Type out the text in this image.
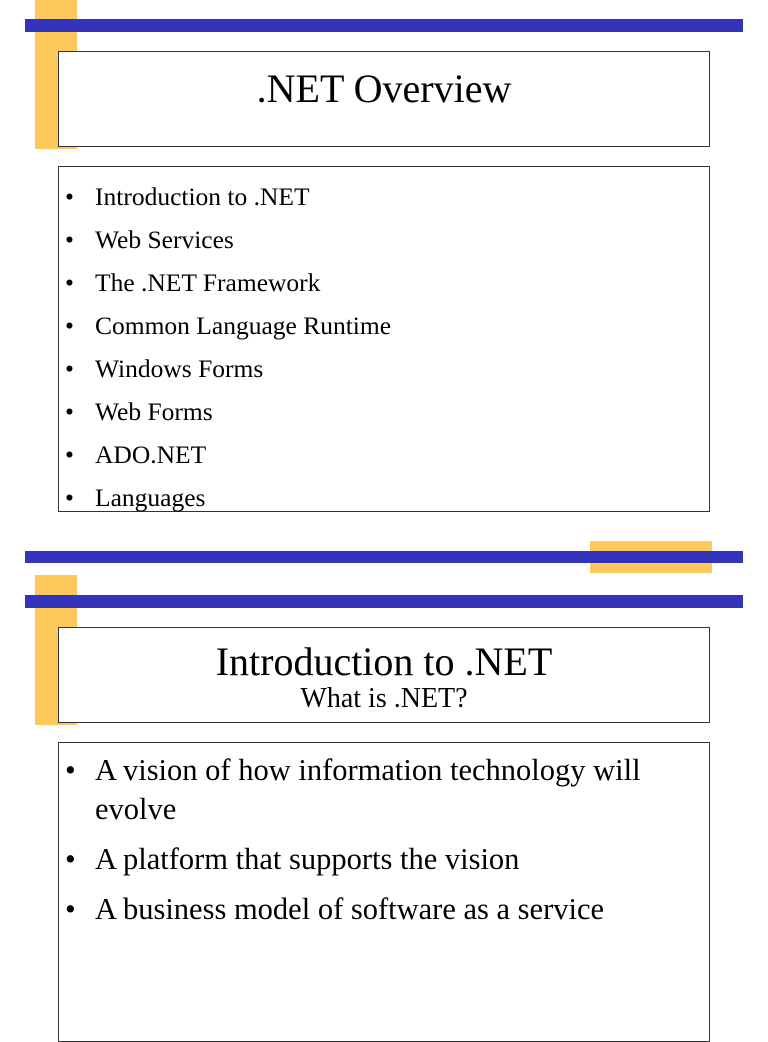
.NET Overview
• Introduction to .NET
• Web Services
• The .NET Framework
• Common Language Runtime
• Windows Forms
• Web Forms
• ADO.NET
• Languages
Introduction to .NET
What is .NET?
• A vision of how information technology will evolve
• A platform that supports the vision
• A business model of software as a service
